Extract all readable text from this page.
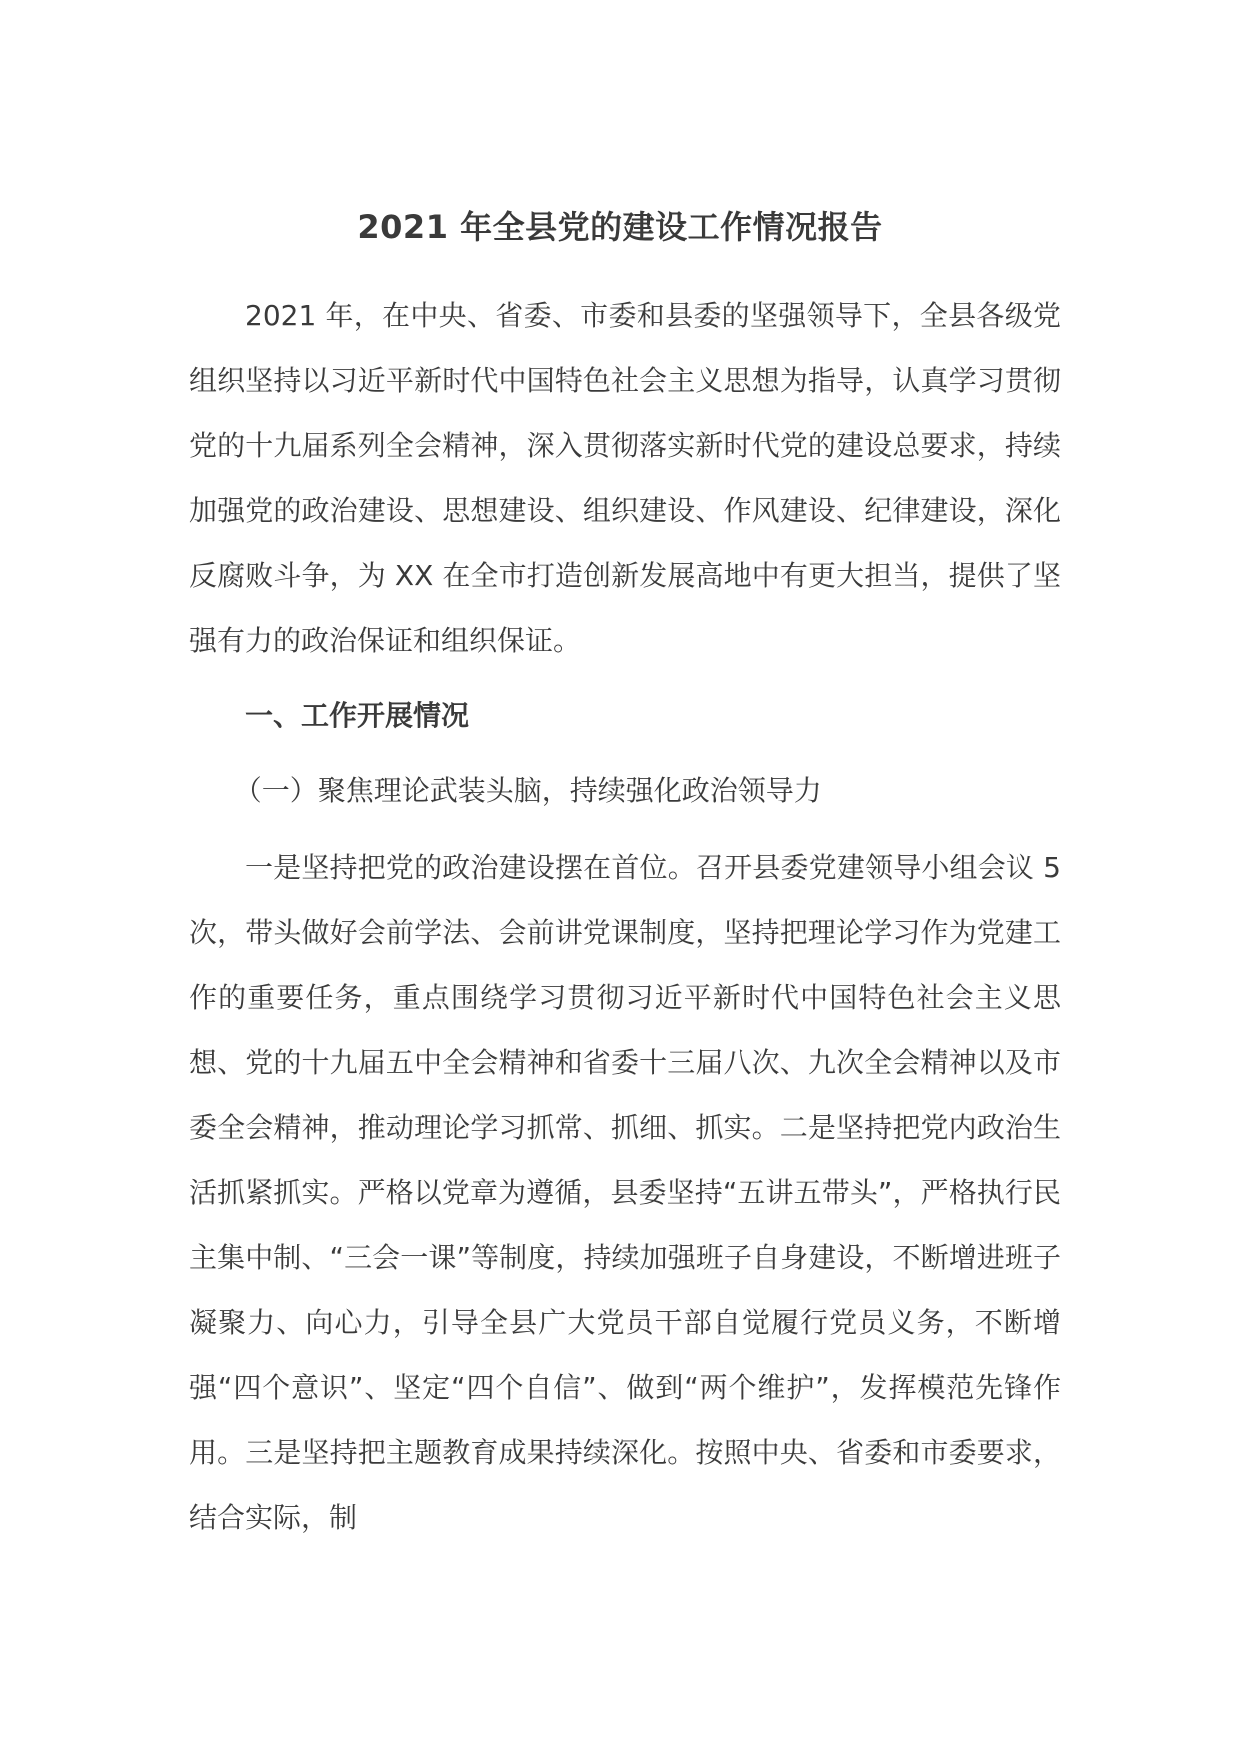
2021 年全县党的建设工作情况报告

2021 年，在中央、省委、市委和县委的坚强领导下，全县各级党组织坚持以习近平新时代中国特色社会主义思想为指导，认真学习贯彻党的十九届系列全会精神，深入贯彻落实新时代党的建设总要求，持续加强党的政治建设、思想建设、组织建设、作风建设、纪律建设，深化反腐败斗争，为 XX 在全市打造创新发展高地中有更大担当，提供了坚强有力的政治保证和组织保证。

一、工作开展情况

（一）聚焦理论武装头脑，持续强化政治领导力

一是坚持把党的政治建设摆在首位。召开县委党建领导小组会议 5 次，带头做好会前学法、会前讲党课制度，坚持把理论学习作为党建工作的重要任务，重点围绕学习贯彻习近平新时代中国特色社会主义思想、党的十九届五中全会精神和省委十三届八次、九次全会精神以及市委全会精神，推动理论学习抓常、抓细、抓实。二是坚持把党内政治生活抓紧抓实。严格以党章为遵循，县委坚持“五讲五带头”，严格执行民主集中制、“三会一课”等制度，持续加强班子自身建设，不断增进班子凝聚力、向心力，引导全县广大党员干部自觉履行党员义务，不断增强“四个意识”、坚定“四个自信”、做到“两个维护”，发挥模范先锋作用。三是坚持把主题教育成果持续深化。按照中央、省委和市委要求，结合实际，制
